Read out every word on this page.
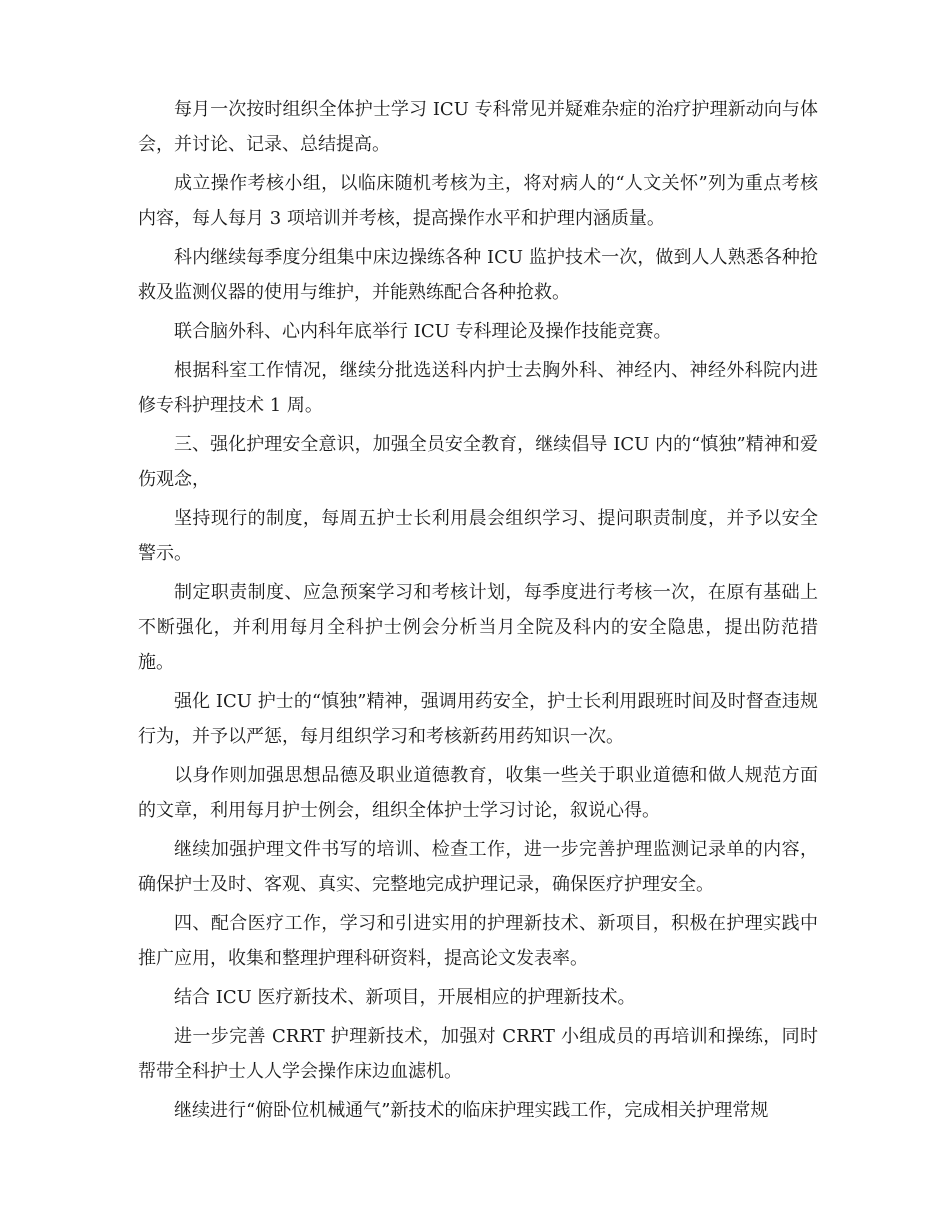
每月一次按时组织全体护士学习 ICU 专科常见并疑难杂症的治疗护理新动向与体会，并讨论、记录、总结提高。

成立操作考核小组，以临床随机考核为主，将对病人的“人文关怀”列为重点考核内容，每人每月 3 项培训并考核，提高操作水平和护理内涵质量。

科内继续每季度分组集中床边操练各种 ICU 监护技术一次，做到人人熟悉各种抢救及监测仪器的使用与维护，并能熟练配合各种抢救。

联合脑外科、心内科年底举行 ICU 专科理论及操作技能竞赛。

根据科室工作情况，继续分批选送科内护士去胸外科、神经内、神经外科院内进修专科护理技术 1 周。

三、强化护理安全意识，加强全员安全教育，继续倡导 ICU 内的“慎独”精神和爱伤观念，

坚持现行的制度，每周五护士长利用晨会组织学习、提问职责制度，并予以安全警示。

制定职责制度、应急预案学习和考核计划，每季度进行考核一次，在原有基础上不断强化，并利用每月全科护士例会分析当月全院及科内的安全隐患，提出防范措施。

强化 ICU 护士的“慎独”精神，强调用药安全，护士长利用跟班时间及时督查违规行为，并予以严惩，每月组织学习和考核新药用药知识一次。

以身作则加强思想品德及职业道德教育，收集一些关于职业道德和做人规范方面的文章，利用每月护士例会，组织全体护士学习讨论，叙说心得。

继续加强护理文件书写的培训、检查工作，进一步完善护理监测记录单的内容，确保护士及时、客观、真实、完整地完成护理记录，确保医疗护理安全。

四、配合医疗工作，学习和引进实用的护理新技术、新项目，积极在护理实践中推广应用，收集和整理护理科研资料，提高论文发表率。

结合 ICU 医疗新技术、新项目，开展相应的护理新技术。

进一步完善 CRRT 护理新技术，加强对 CRRT 小组成员的再培训和操练，同时帮带全科护士人人学会操作床边血滤机。

继续进行“俯卧位机械通气”新技术的临床护理实践工作，完成相关护理常规
